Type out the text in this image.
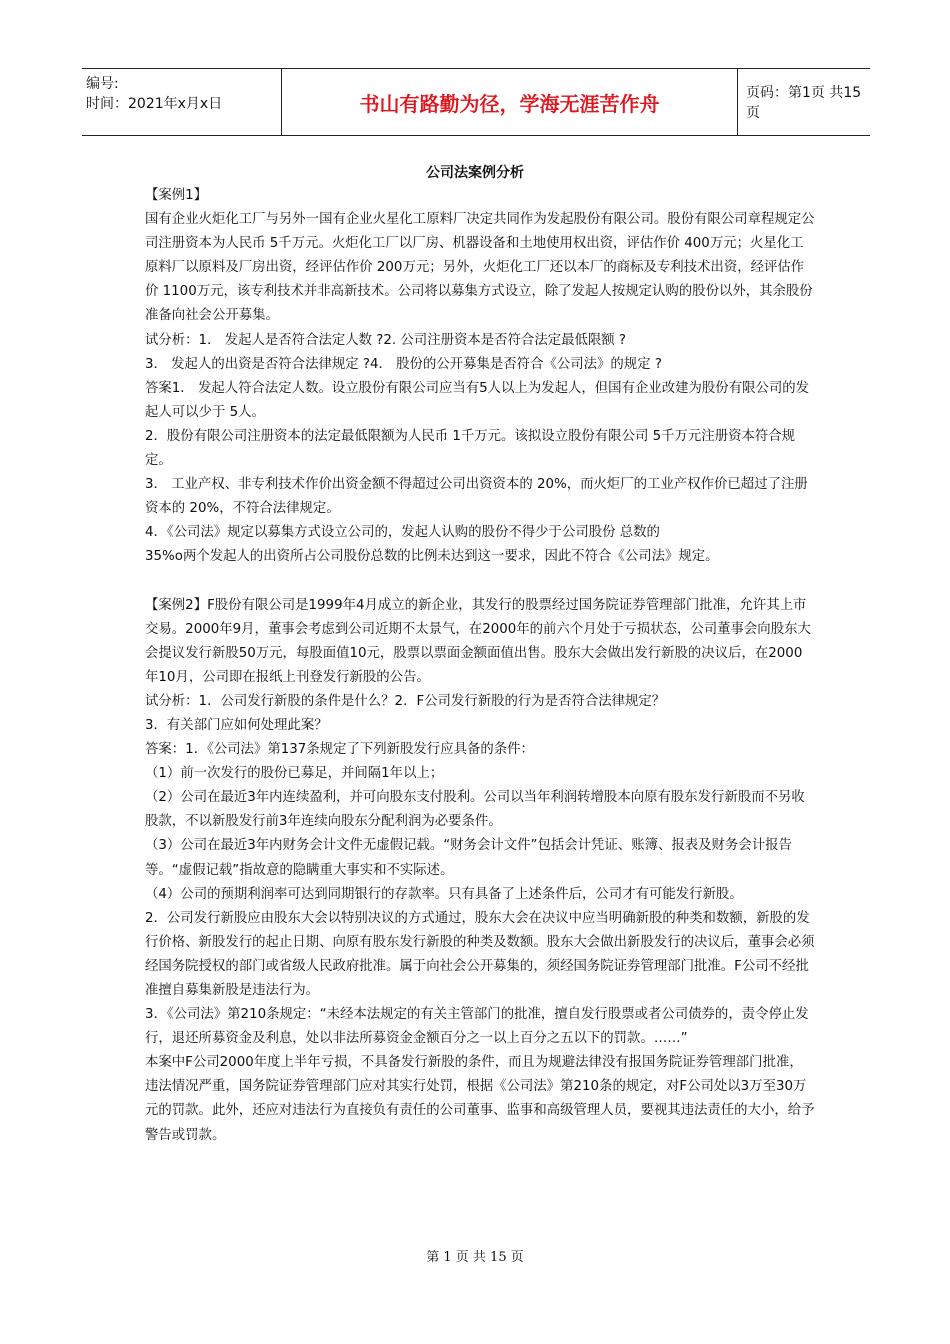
编号:
时间：2021年x月x日	书山有路勤为径，学海无涯苦作舟	页码：第1页 共15页
公司法案例分析

【案例1】

国有企业火炬化工厂与另外一国有企业火星化工原料厂决定共同作为发起股份有限公司。股份有限公司章程规定公司注册资本为人民币 5千万元。火炬化工厂以厂房、机器设备和土地使用权出资，评估作价 400万元；火星化工原料厂以原料及厂房出资，经评估作价 200万元；另外，火炬化工厂还以本厂的商标及专利技术出资，经评估作价 1100万元，该专利技术并非高新技术。公司将以募集方式设立，除了发起人按规定认购的股份以外，其余股份准备向社会公开募集。

试分析：1． 发起人是否符合法定人数 ?2. 公司注册资本是否符合法定最低限额 ?

3． 发起人的出资是否符合法律规定 ?4． 股份的公开募集是否符合《公司法》的规定 ?

答案1． 发起人符合法定人数。设立股份有限公司应当有5人以上为发起人，但国有企业改建为股份有限公司的发起人可以少于 5人。

2．股份有限公司注册资本的法定最低限额为人民币 1千万元。该拟设立股份有限公司 5千万元注册资本符合规定。

3． 工业产权、非专利技术作价出资金额不得超过公司出资资本的 20%，而火炬厂的工业产权作价已超过了注册资本的 20%，不符合法律规定。

4．《公司法》规定以募集方式设立公司的，发起人认购的股份不得少于公司股份 总数的

35%o两个发起人的出资所占公司股份总数的比例未达到这一要求，因此不符合《公司法》规定。

【案例2】F股份有限公司是1999年4月成立的新企业，其发行的股票经过国务院证券管理部门批准，允许其上市交易。2000年9月，董事会考虑到公司近期不太景气，在2000年的前六个月处于亏损状态，公司董事会向股东大会提议发行新股50万元，每股面值10元，股票以票面金额面值出售。股东大会做出发行新股的决议后，在2000年10月，公司即在报纸上刊登发行新股的公告。

试分析：1．公司发行新股的条件是什么？2．F公司发行新股的行为是否符合法律规定？

3．有关部门应如何处理此案？

答案：1．《公司法》第137条规定了下列新股发行应具备的条件：

（1）前一次发行的股份已募足，并间隔1年以上；

（2）公司在最近3年内连续盈利，并可向股东支付股利。公司以当年利润转增股本向原有股东发行新股而不另收股款，不以新股发行前3年连续向股东分配利润为必要条件。

（3）公司在最近3年内财务会计文件无虚假记载。“财务会计文件”包括会计凭证、账簿、报表及财务会计报告等。“虚假记载”指故意的隐瞒重大事实和不实际述。

（4）公司的预期利润率可达到同期银行的存款率。只有具备了上述条件后，公司才有可能发行新股。

2．公司发行新股应由股东大会以特别决议的方式通过，股东大会在决议中应当明确新股的种类和数额，新股的发行价格、新股发行的起止日期、向原有股东发行新股的种类及数额。股东大会做出新股发行的决议后，董事会必须经国务院授权的部门或省级人民政府批准。属于向社会公开募集的，须经国务院证券管理部门批准。F公司不经批准擅自募集新股是违法行为。

3．《公司法》第210条规定：“未经本法规定的有关主管部门的批准，擅自发行股票或者公司债券的，责令停止发行，退还所募资金及利息，处以非法所募资金金额百分之一以上百分之五以下的罚款。……”

本案中F公司2000年度上半年亏损，不具备发行新股的条件，而且为规避法律没有报国务院证券管理部门批准，违法情况严重，国务院证券管理部门应对其实行处罚，根据《公司法》第210条的规定，对F公司处以3万至30万元的罚款。此外，还应对违法行为直接负有责任的公司董事、监事和高级管理人员，要视其违法责任的大小，给予警告或罚款。

第 1 页 共 15 页
